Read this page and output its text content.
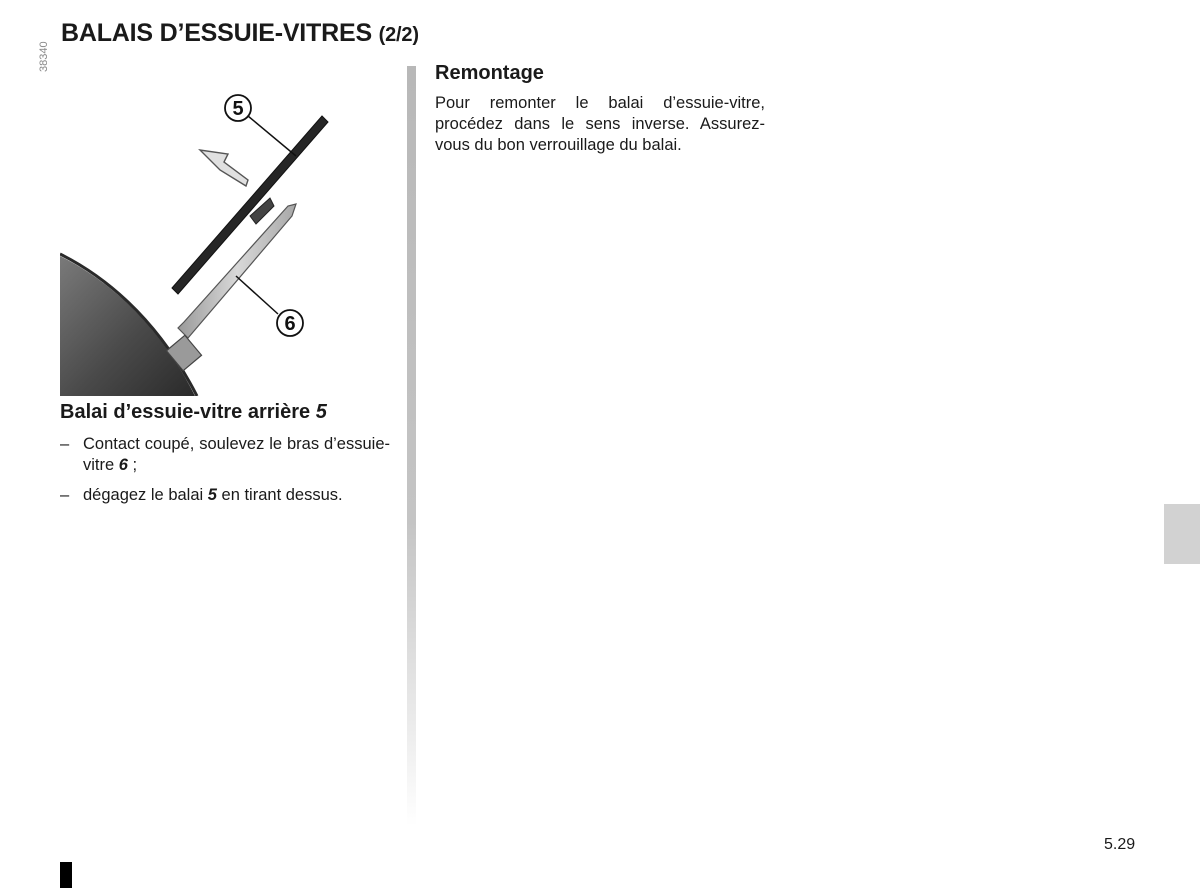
BALAIS D’ESSUIE-VITRES (2/2)
5
6
38340
Balai d’essuie-vitre arrière 5
– Contact coupé, soulevez le bras d’essuie-vitre 6 ;
– dégagez le balai 5 en tirant dessus.
Remontage

Pour remonter le balai d’essuie-vitre, procédez dans le sens inverse. Assurez-vous du bon verrouillage du balai.

5.29
